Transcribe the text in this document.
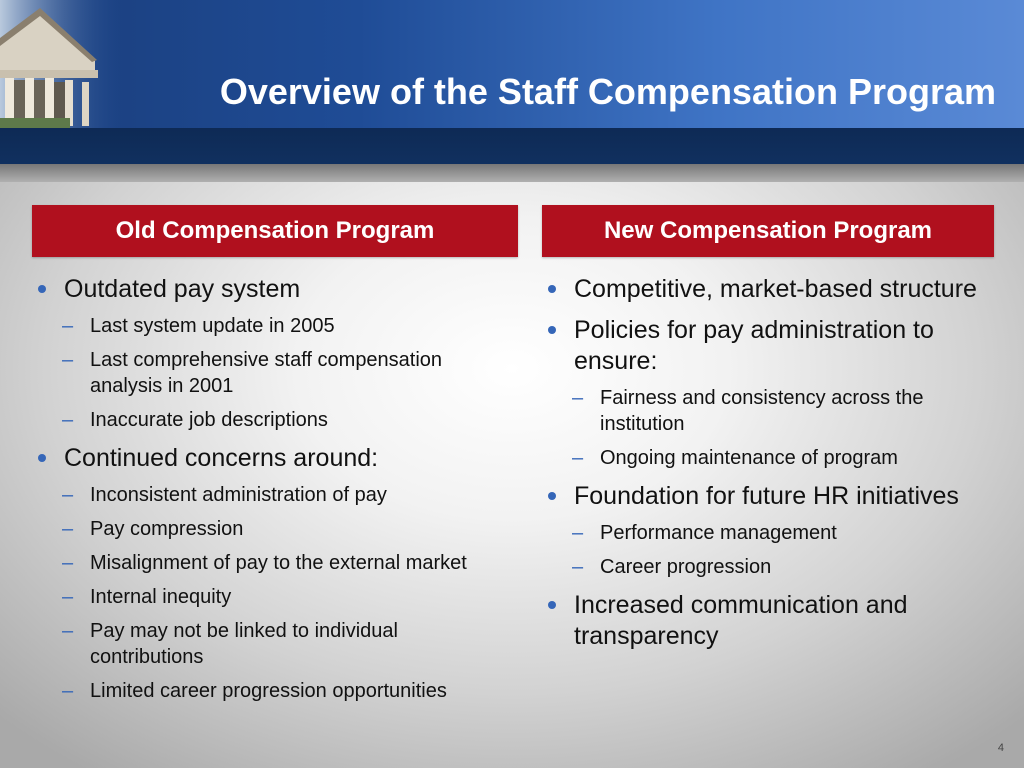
Overview of the Staff Compensation Program
Old Compensation Program	New Compensation Program
Outdated pay system
– Last system update in 2005
– Last comprehensive staff compensation analysis in 2001
– Inaccurate job descriptions
Continued concerns around:
– Inconsistent administration of pay
– Pay compression
– Misalignment of pay to the external market
– Internal inequity
– Pay may not be linked to individual contributions
– Limited career progression opportunities
Competitive, market-based structure
Policies for pay administration to ensure:
– Fairness and consistency across the institution
– Ongoing maintenance of program
Foundation for future HR initiatives
– Performance management
– Career progression
Increased communication and transparency
4
